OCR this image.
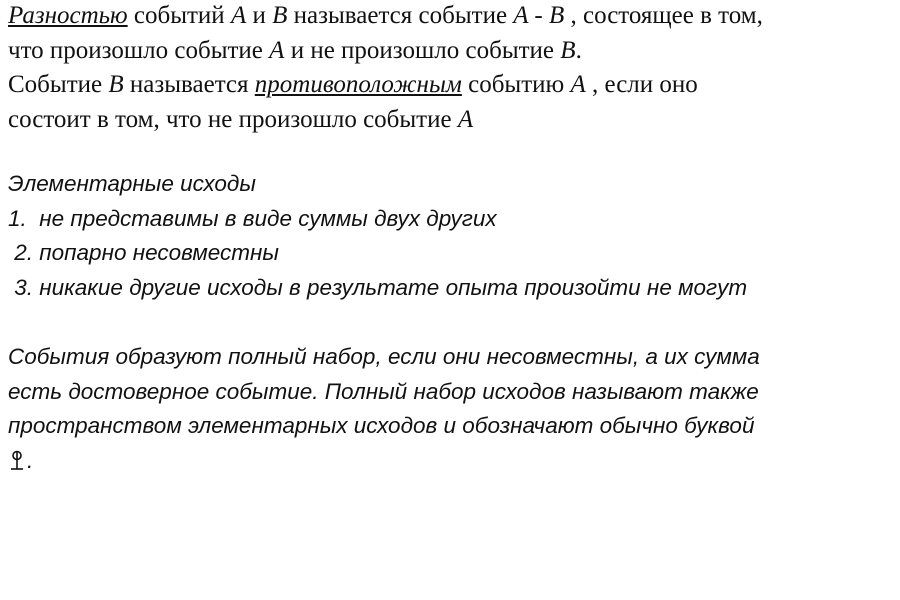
Разностью событий A и B называется событие A - B , состоящее в том,
что произошло событие A и не произошло событие B.
Событие B называется противоположным событию A , если оно
состоит в том, что не произошло событие A
Элементарные исходы
1.  не представимы в виде суммы двух других
2. попарно несовместны
3. никакие другие исходы в результате опыта произойти не могут
События образуют полный набор, если они несовместны, а их сумма
есть достоверное событие. Полный набор исходов называют также
пространством элементарных исходов и обозначают обычно буквой
.
